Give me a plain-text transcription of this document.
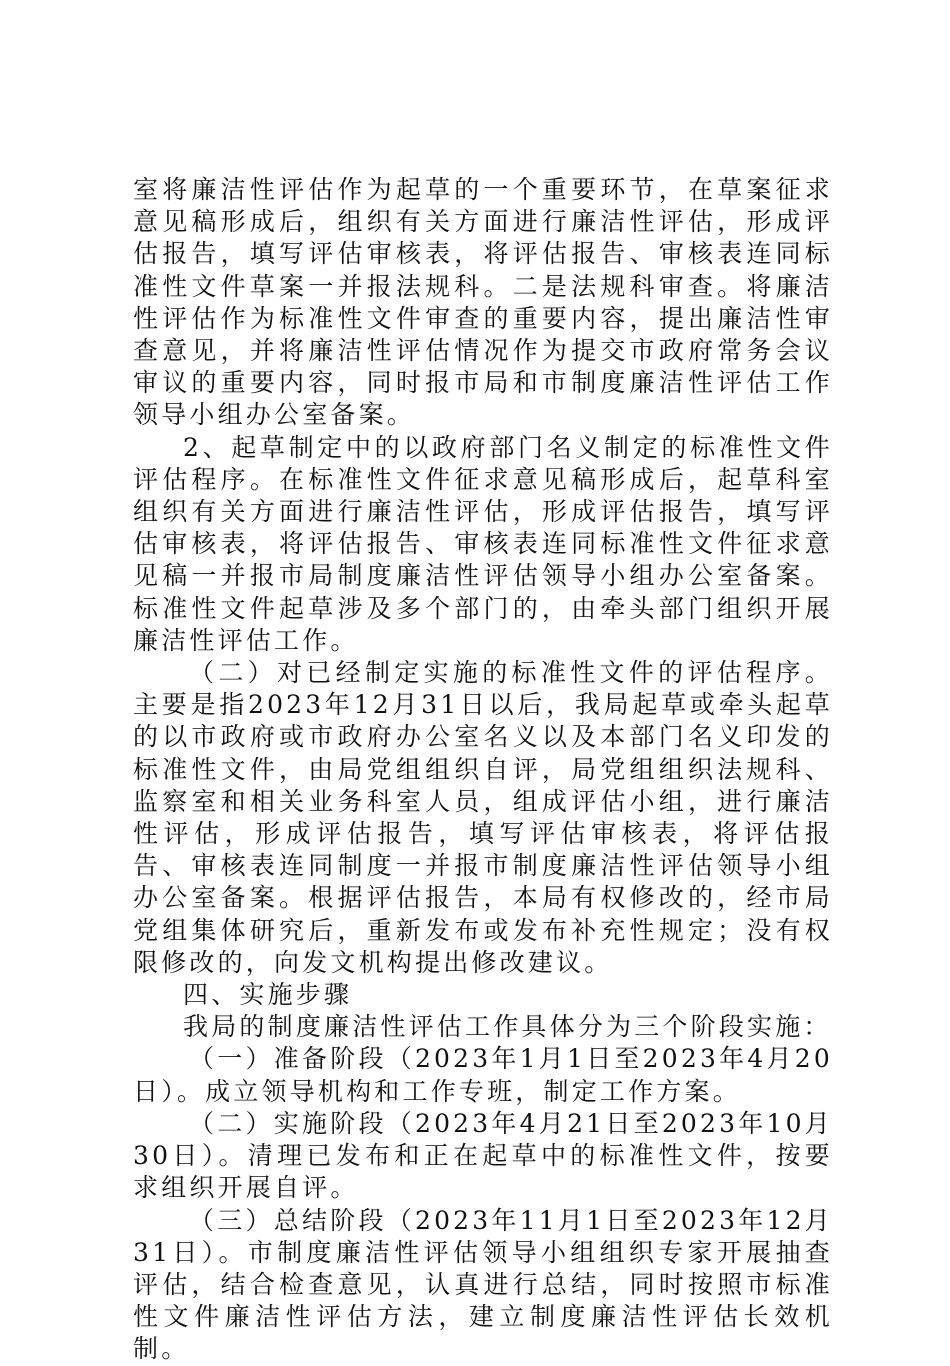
室将廉洁性评估作为起草的一个重要环节，在草案征求意见稿形成后，组织有关方面进行廉洁性评估，形成评估报告，填写评估审核表，将评估报告、审核表连同标准性文件草案一并报法规科。二是法规科审查。将廉洁性评估作为标准性文件审查的重要内容，提出廉洁性审查意见，并将廉洁性评估情况作为提交市政府常务会议审议的重要内容，同时报市局和市制度廉洁性评估工作领导小组办公室备案。

2、起草制定中的以政府部门名义制定的标准性文件评估程序。在标准性文件征求意见稿形成后，起草科室组织有关方面进行廉洁性评估，形成评估报告，填写评估审核表，将评估报告、审核表连同标准性文件征求意见稿一并报市局制度廉洁性评估领导小组办公室备案。标准性文件起草涉及多个部门的，由牵头部门组织开展廉洁性评估工作。

（二）对已经制定实施的标准性文件的评估程序。主要是指2023年12月31日以后，我局起草或牵头起草的以市政府或市政府办公室名义以及本部门名义印发的标准性文件，由局党组组织自评，局党组组织法规科、监察室和相关业务科室人员，组成评估小组，进行廉洁性评估，形成评估报告，填写评估审核表，将评估报告、审核表连同制度一并报市制度廉洁性评估领导小组办公室备案。根据评估报告，本局有权修改的，经市局党组集体研究后，重新发布或发布补充性规定；没有权限修改的，向发文机构提出修改建议。

四、实施步骤

我局的制度廉洁性评估工作具体分为三个阶段实施：

（一）准备阶段（2023年1月1日至2023年4月20日）。成立领导机构和工作专班，制定工作方案。

（二）实施阶段（2023年4月21日至2023年10月30日）。清理已发布和正在起草中的标准性文件，按要求组织开展自评。

（三）总结阶段（2023年11月1日至2023年12月31日）。市制度廉洁性评估领导小组组织专家开展抽查评估，结合检查意见，认真进行总结，同时按照市标准性文件廉洁性评估方法，建立制度廉洁性评估长效机制。
